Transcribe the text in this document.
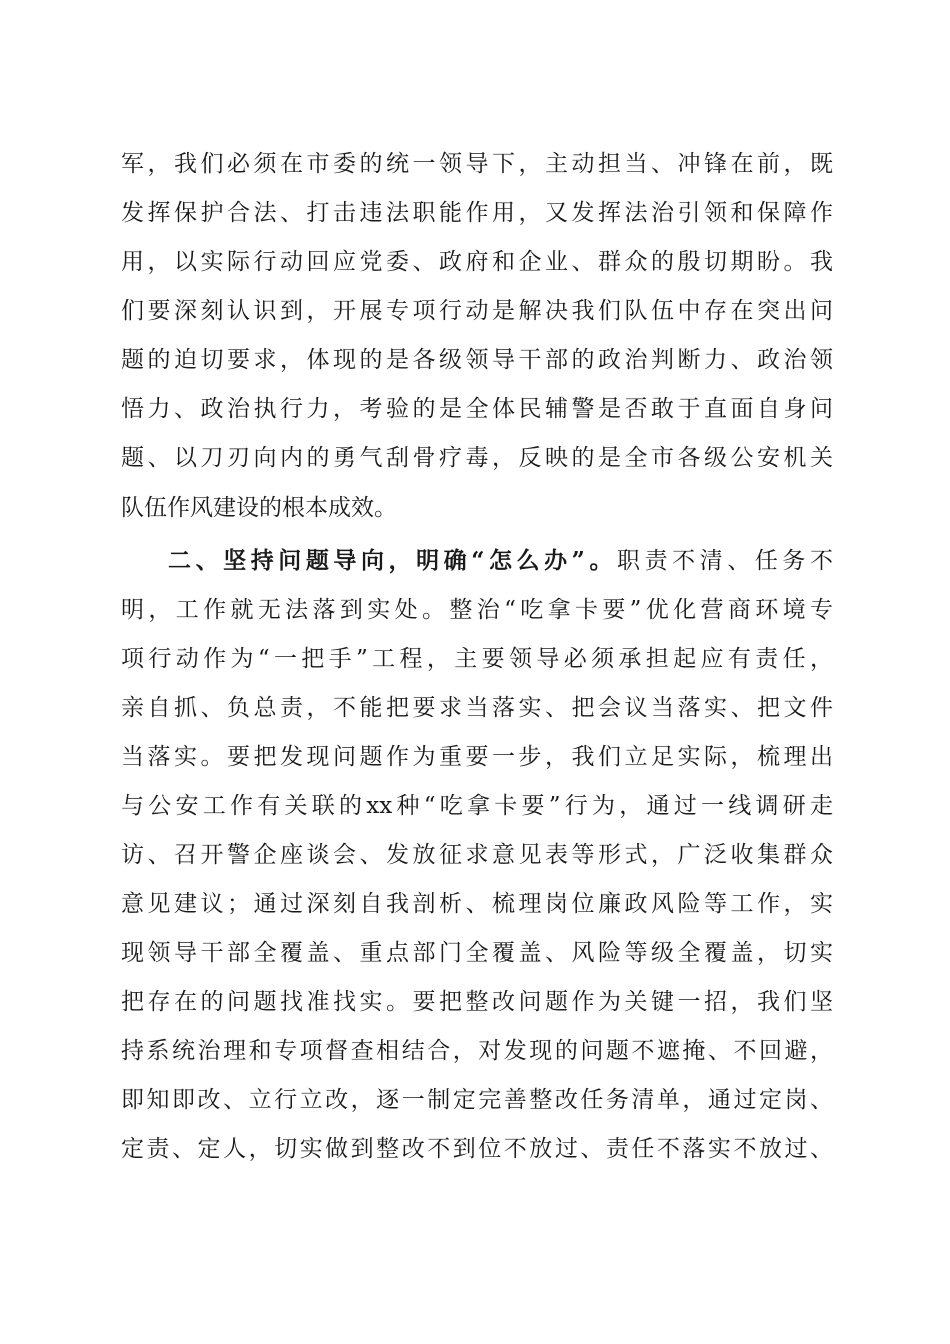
军，我们必须在市委的统一领导下，主动担当、冲锋在前，既
发挥保护合法、打击违法职能作用，又发挥法治引领和保障作
用，以实际行动回应党委、政府和企业、群众的殷切期盼。我
们要深刻认识到，开展专项行动是解决我们队伍中存在突出问
题的迫切要求，体现的是各级领导干部的政治判断力、政治领
悟力、政治执行力，考验的是全体民辅警是否敢于直面自身问
题、以刀刃向内的勇气刮骨疗毒，反映的是全市各级公安机关
队伍作风建设的根本成效。
二、坚持问题导向，明确“怎么办”。职责不清、任务不
明，工作就无法落到实处。整治“吃拿卡要”优化营商环境专
项行动作为“一把手”工程，主要领导必须承担起应有责任，
亲自抓、负总责，不能把要求当落实、把会议当落实、把文件
当落实。要把发现问题作为重要一步，我们立足实际，梳理出
与公安工作有关联的xx种“吃拿卡要”行为，通过一线调研走
访、召开警企座谈会、发放征求意见表等形式，广泛收集群众
意见建议；通过深刻自我剖析、梳理岗位廉政风险等工作，实
现领导干部全覆盖、重点部门全覆盖、风险等级全覆盖，切实
把存在的问题找准找实。要把整改问题作为关键一招，我们坚
持系统治理和专项督查相结合，对发现的问题不遮掩、不回避，
即知即改、立行立改，逐一制定完善整改任务清单，通过定岗、
定责、定人，切实做到整改不到位不放过、责任不落实不放过、
